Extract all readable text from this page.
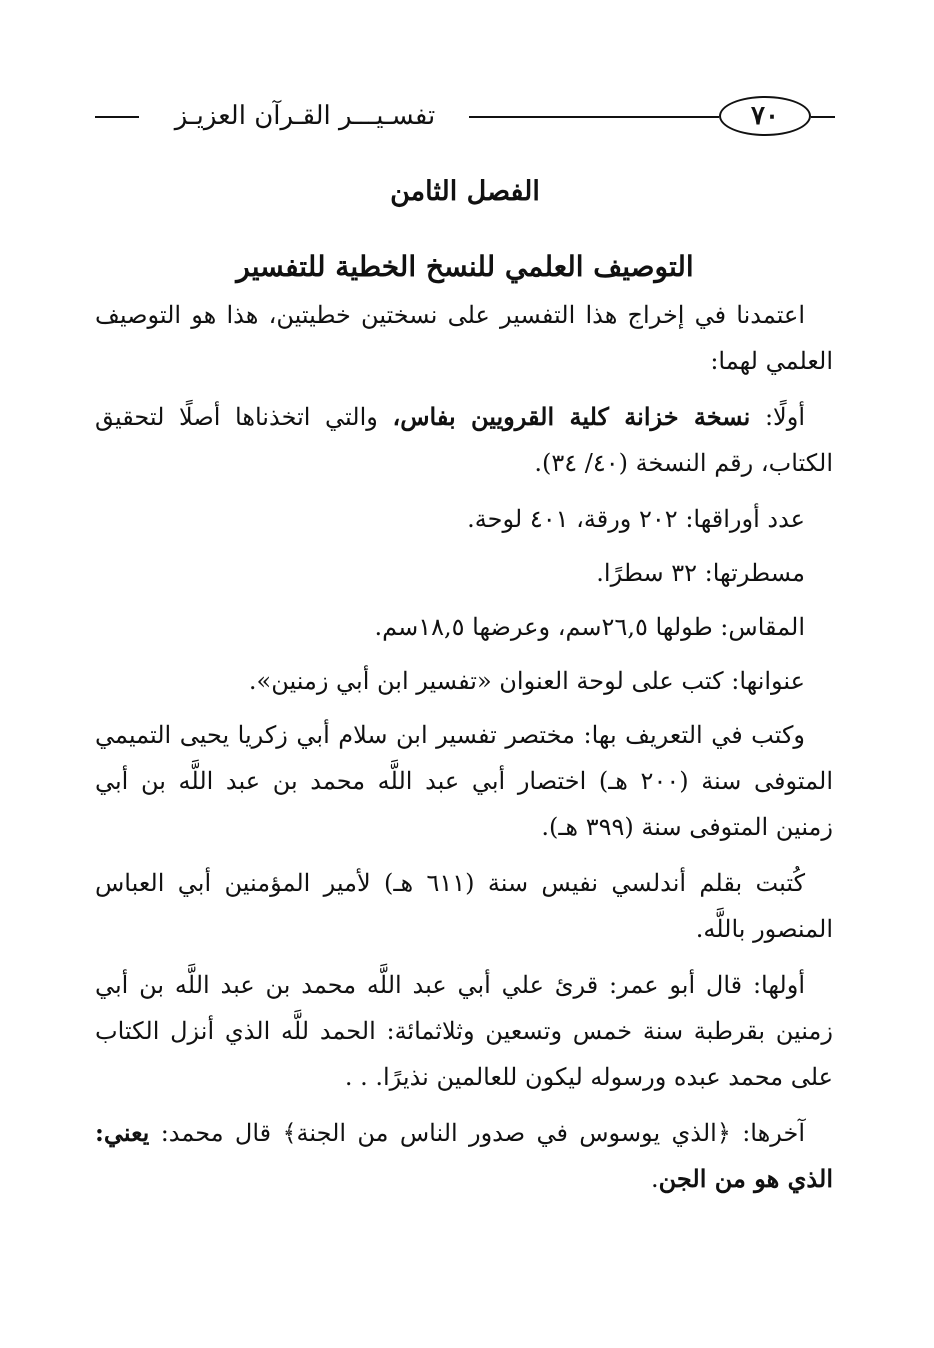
٧٠
تفسـيـــر القـرآن العزيـز
الفصل الثامن
التوصيف العلمي للنسخ الخطية للتفسير

اعتمدنا في إخراج هذا التفسير على نسختين خطيتين، هذا هو التوصيف العلمي لهما:

أولًا: نسخة خزانة كلية القرويين بفاس، والتي اتخذناها أصلًا لتحقيق الكتاب، رقم النسخة (٤٠/ ٣٤).

عدد أوراقها: ٢٠٢ ورقة، ٤٠١ لوحة.

مسطرتها: ٣٢ سطرًا.

المقاس: طولها ٢٦,٥سم، وعرضها ١٨,٥سم.

عنوانها: كتب على لوحة العنوان «تفسير ابن أبي زمنين».

وكتب في التعريف بها: مختصر تفسير ابن سلام أبي زكريا يحيى التميمي المتوفى سنة (٢٠٠ هـ) اختصار أبي عبد اللَّه محمد بن عبد اللَّه بن أبي زمنين المتوفى سنة (٣٩٩ هـ).

كُتبت بقلم أندلسي نفيس سنة (٦١١ هـ) لأمير المؤمنين أبي العباس المنصور باللَّه.

أولها: قال أبو عمر: قرئ علي أبي عبد اللَّه محمد بن عبد اللَّه بن أبي زمنين بقرطبة سنة خمس وتسعين وثلاثمائة: الحمد للَّه الذي أنزل الكتاب على محمد عبده ورسوله ليكون للعالمين نذيرًا. . .

آخرها: ﴿الذي يوسوس في صدور الناس من الجنة﴾ قال محمد: يعني: الذي هو من الجن.
